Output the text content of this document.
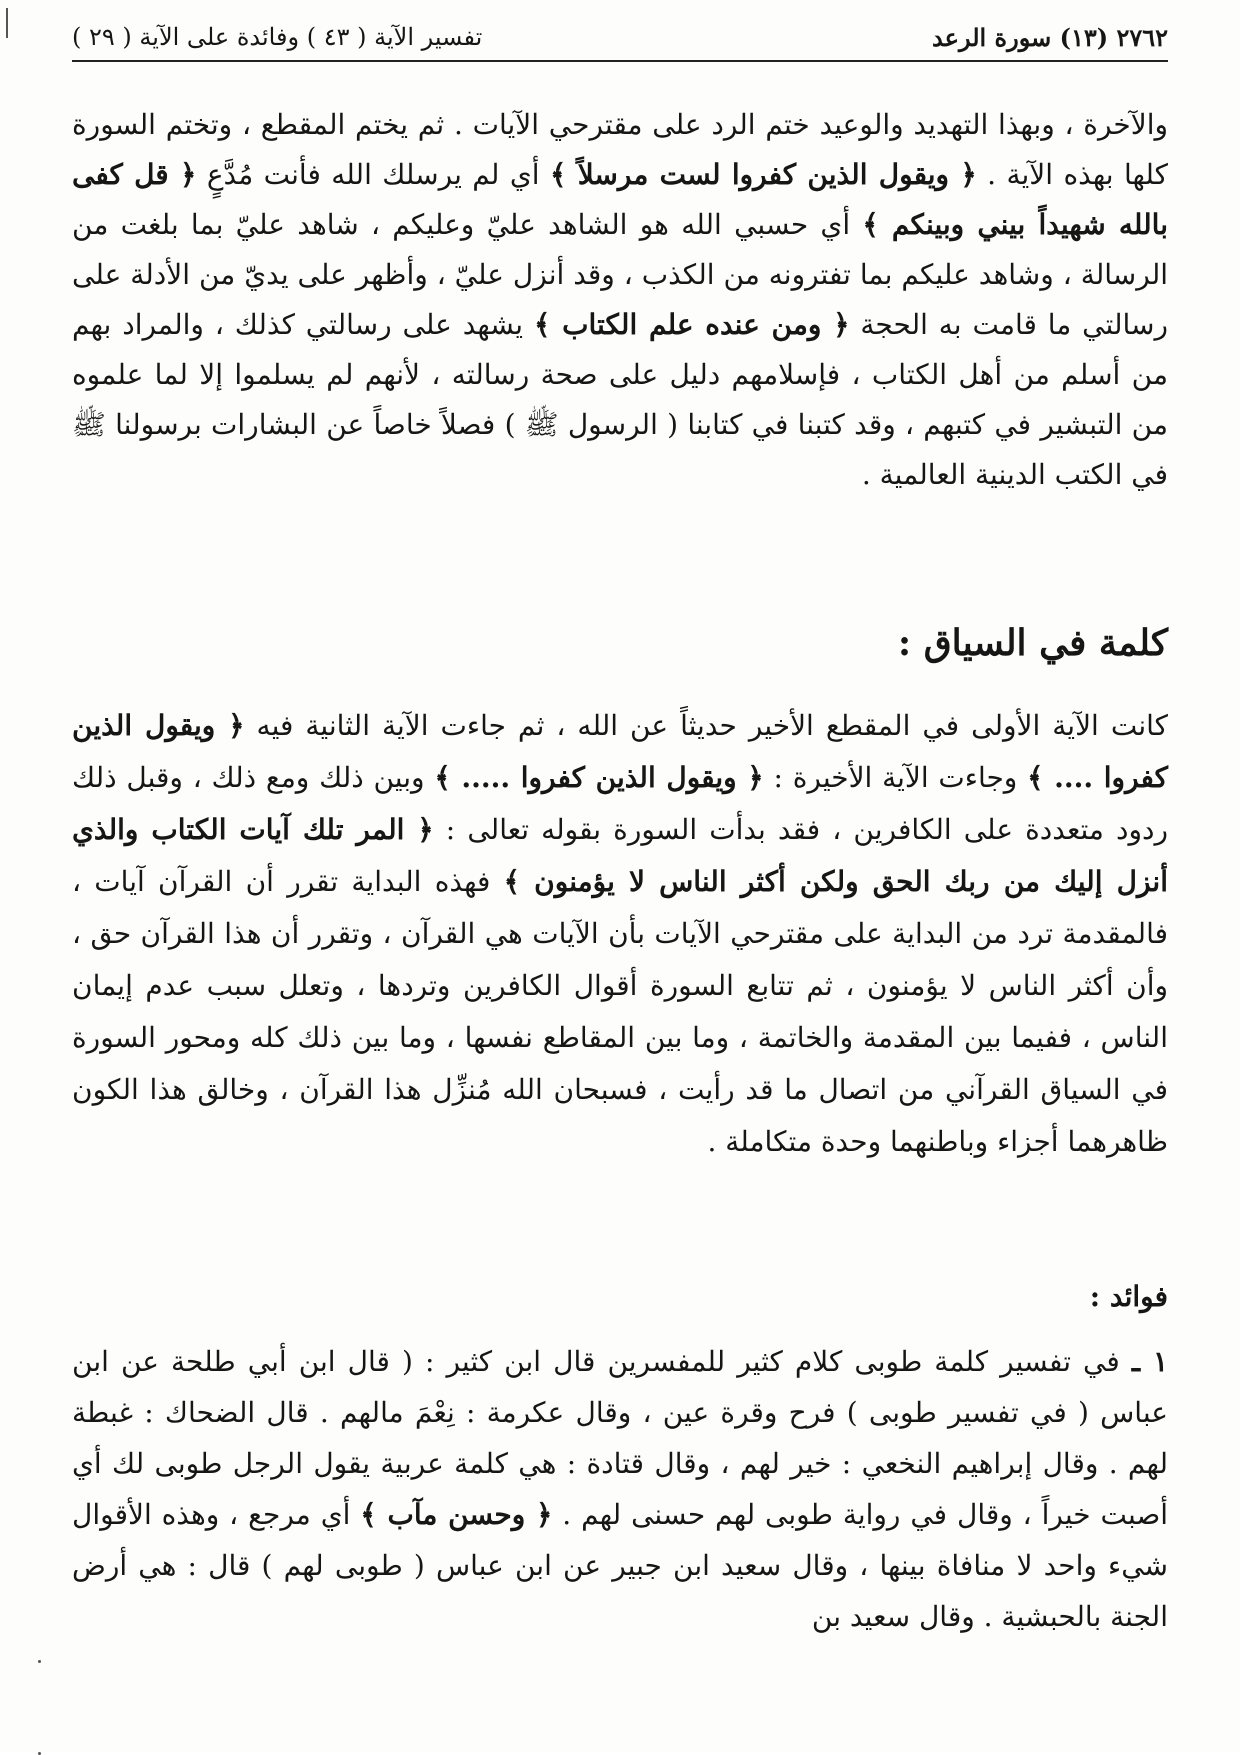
٢٧٦٢ (١٣) سورة الرعد
تفسير الآية ( ٤٣ ) وفائدة على الآية ( ٢٩ )
والآخرة ، وبهذا التهديد والوعيد ختم الرد على مقترحي الآيات . ثم يختم المقطع ، وتختم السورة كلها بهذه الآية . ﴿ ويقول الذين كفروا لست مرسلاً ﴾ أي لم يرسلك الله فأنت مُدَّعٍ ﴿ قل كفى بالله شهيداً بيني وبينكم ﴾ أي حسبي الله هو الشاهد عليّ وعليكم ، شاهد عليّ بما بلغت من الرسالة ، وشاهد عليكم بما تفترونه من الكذب ، وقد أنزل عليّ ، وأظهر على يديّ من الأدلة على رسالتي ما قامت به الحجة ﴿ ومن عنده علم الكتاب ﴾ يشهد على رسالتي كذلك ، والمراد بهم من أسلم من أهل الكتاب ، فإسلامهم دليل على صحة رسالته ، لأنهم لم يسلموا إلا لما علموه من التبشير في كتبهم ، وقد كتبنا في كتابنا ( الرسول ﷺ ) فصلاً خاصاً عن البشارات برسولنا ﷺ في الكتب الدينية العالمية .
كلمة في السياق :
كانت الآية الأولى في المقطع الأخير حديثاً عن الله ، ثم جاءت الآية الثانية فيه ﴿ ويقول الذين كفروا .... ﴾ وجاءت الآية الأخيرة : ﴿ ويقول الذين كفروا ..... ﴾ وبين ذلك ومع ذلك ، وقبل ذلك ردود متعددة على الكافرين ، فقد بدأت السورة بقوله تعالى : ﴿ المر تلك آيات الكتاب والذي أنزل إليك من ربك الحق ولكن أكثر الناس لا يؤمنون ﴾ فهذه البداية تقرر أن القرآن آيات ، فالمقدمة ترد من البداية على مقترحي الآيات بأن الآيات هي القرآن ، وتقرر أن هذا القرآن حق ، وأن أكثر الناس لا يؤمنون ، ثم تتابع السورة أقوال الكافرين وتردها ، وتعلل سبب عدم إيمان الناس ، ففيما بين المقدمة والخاتمة ، وما بين المقاطع نفسها ، وما بين ذلك كله ومحور السورة في السياق القرآني من اتصال ما قد رأيت ، فسبحان الله مُنزِّل هذا القرآن ، وخالق هذا الكون ظاهرهما أجزاء وباطنهما وحدة متكاملة .
فوائد :
١ ـ في تفسير كلمة طوبى كلام كثير للمفسرين قال ابن كثير : ( قال ابن أبي طلحة عن ابن عباس ( في تفسير طوبى ) فرح وقرة عين ، وقال عكرمة : نِعْمَ مالهم . قال الضحاك : غبطة لهم . وقال إبراهيم النخعي : خير لهم ، وقال قتادة : هي كلمة عربية يقول الرجل طوبى لك أي أصبت خيراً ، وقال في رواية طوبى لهم حسنى لهم . ﴿ وحسن مآب ﴾ أي مرجع ، وهذه الأقوال شيء واحد لا منافاة بينها ، وقال سعيد ابن جبير عن ابن عباس ( طوبى لهم ) قال : هي أرض الجنة بالحبشية . وقال سعيد بن
